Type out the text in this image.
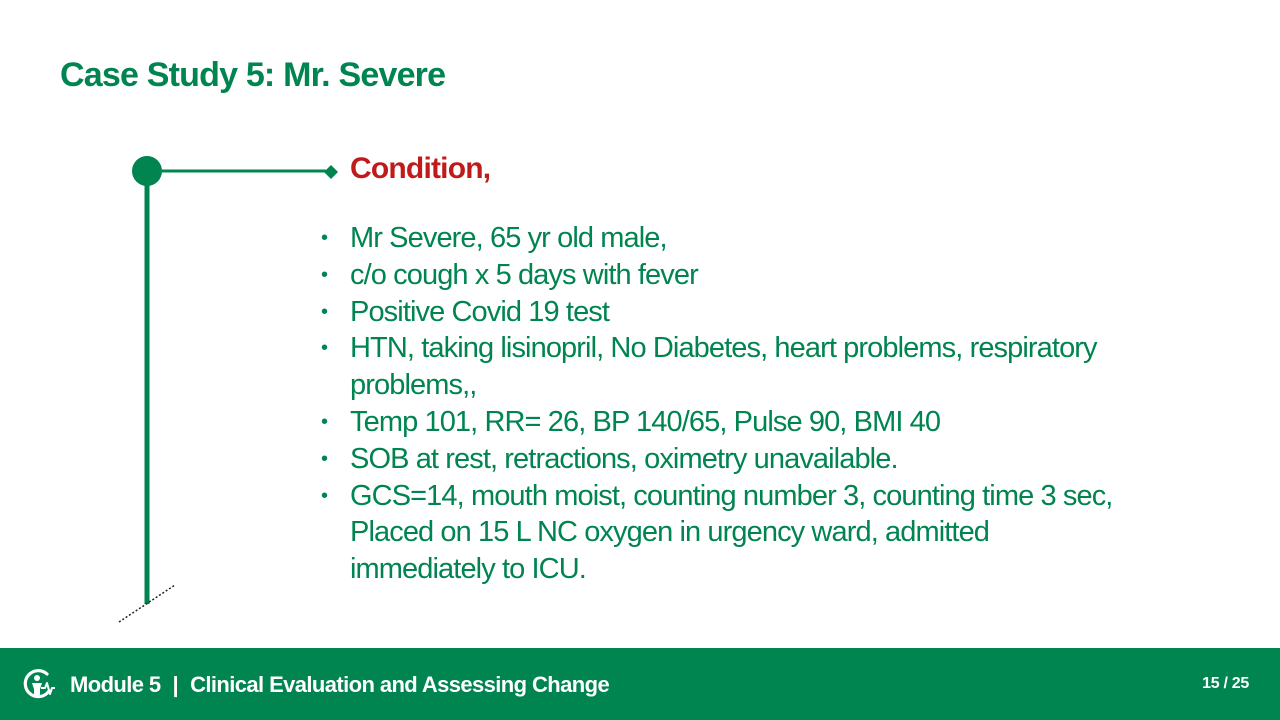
Case Study 5: Mr. Severe
Condition,
• Mr Severe, 65 yr old male,
• c/o cough x 5 days with fever
• Positive Covid 19 test
• HTN, taking lisinopril, No Diabetes, heart problems, respiratory problems,,
• Temp 101, RR= 26, BP 140/65, Pulse 90, BMI 40
• SOB at rest, retractions, oximetry unavailable.
• GCS=14, mouth moist, counting number 3, counting time 3 sec, Placed on 15 L NC oxygen in urgency ward, admitted immediately to ICU.
Module 5 | Clinical Evaluation and Assessing Change	15 / 25
